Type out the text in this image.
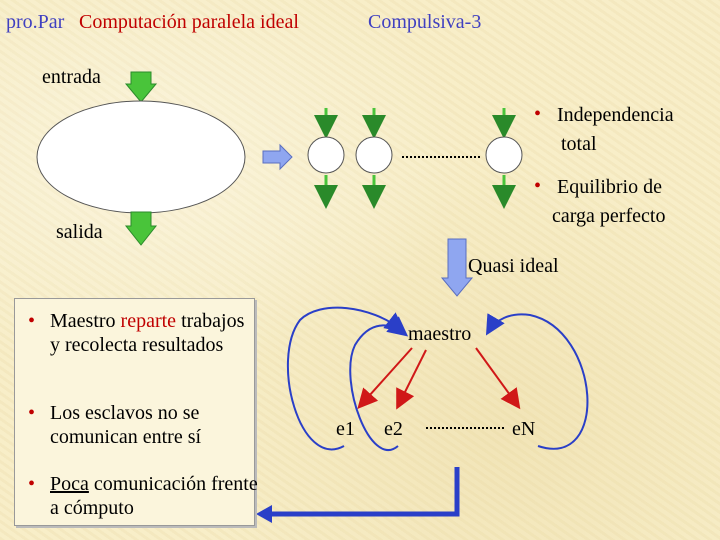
pro.Par Computación paralela ideal	Compulsiva-3
entrada
salida
Quasi ideal
maestro
e1 e2	eN
• Independencia
total
• Equilibrio de
carga perfecto
• Maestro reparte trabajos y recolecta resultados
• Los esclavos no se comunican entre sí
• Poca comunicación frente a cómputo
